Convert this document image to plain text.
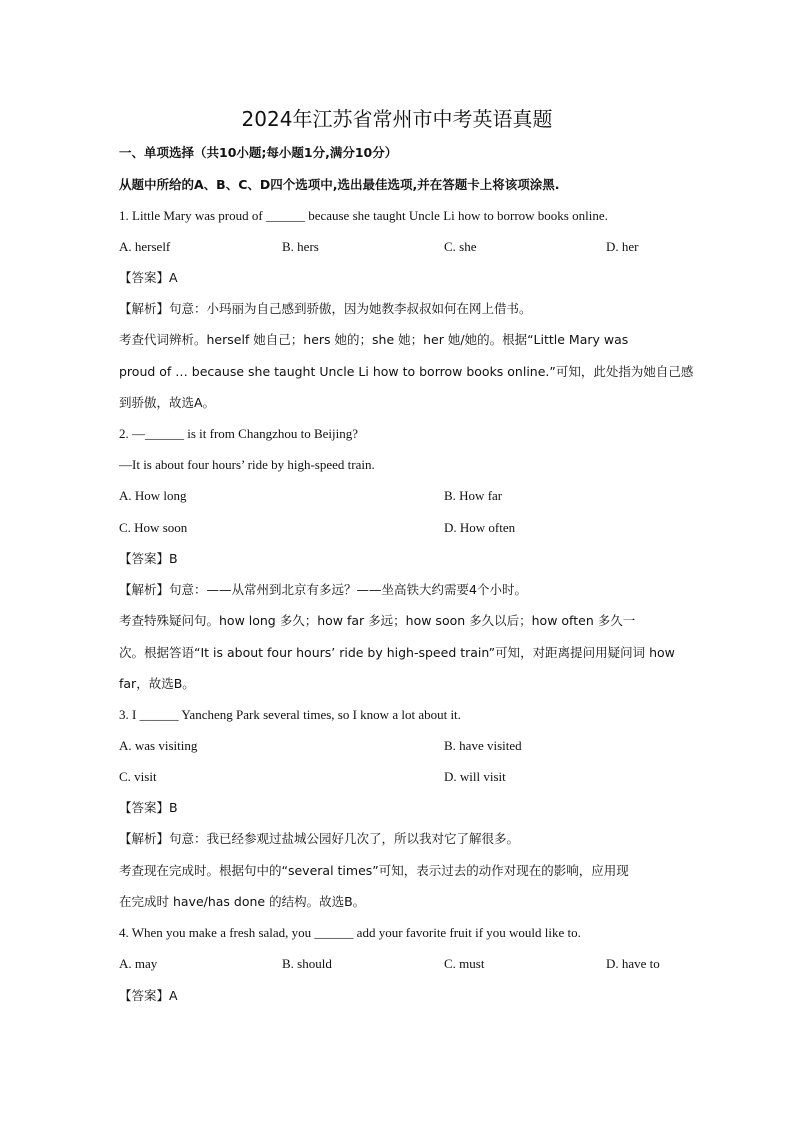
2024年江苏省常州市中考英语真题
一、单项选择（共10小题;每小题1分,满分10分）
从题中所给的A、B、C、D四个选项中,选出最佳选项,并在答题卡上将该项涂黑.
1. Little Mary was proud of ______ because she taught Uncle Li how to borrow books online.
A. herself	B. hers	C. she	D. her
【答案】A
【解析】句意：小玛丽为自己感到骄傲，因为她教李叔叔如何在网上借书。
考查代词辨析。herself 她自己；hers 她的；she 她；her 她/她的。根据“Little Mary was
proud of … because she taught Uncle Li how to borrow books online.”可知，此处指为她自己感
到骄傲，故选A。
2. —______ is it from Changzhou to Beijing?
—It is about four hours’ ride by high-speed train.
A. How long	B. How far
C. How soon	D. How often
【答案】B
【解析】句意：——从常州到北京有多远？——坐高铁大约需要4个小时。
考查特殊疑问句。how long 多久；how far 多远；how soon 多久以后；how often 多久一
次。根据答语“It is about four hours’ ride by high-speed train”可知，对距离提问用疑问词 how
far，故选B。
3. I ______ Yancheng Park several times, so I know a lot about it.
A. was visiting	B. have visited
C. visit	D. will visit
【答案】B
【解析】句意：我已经参观过盐城公园好几次了，所以我对它了解很多。
考查现在完成时。根据句中的“several times”可知，表示过去的动作对现在的影响，应用现
在完成时 have/has done 的结构。故选B。
4. When you make a fresh salad, you ______ add your favorite fruit if you would like to.
A. may	B. should	C. must	D. have to
【答案】A
